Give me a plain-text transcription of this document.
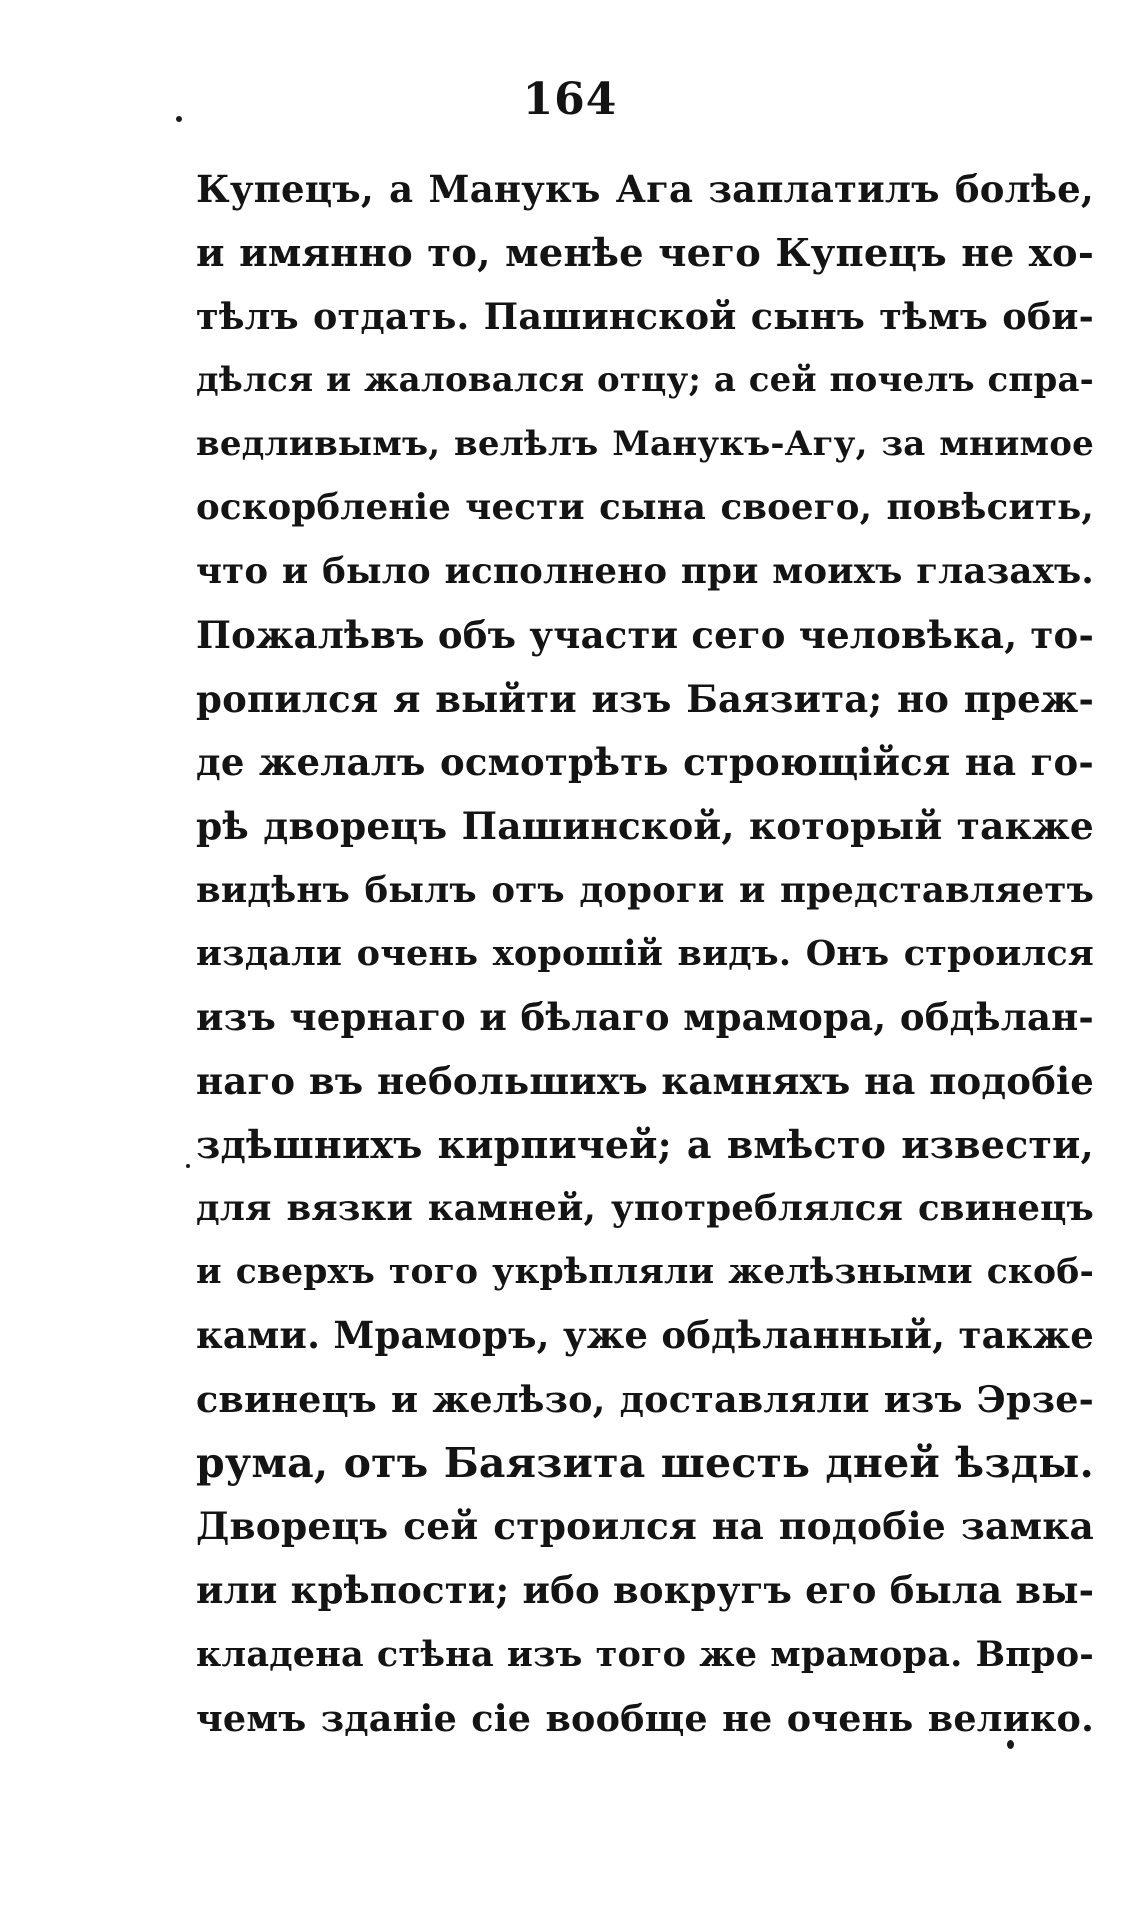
164
Купецъ, а Манукъ Ага заплатилъ болѣе,
и имянно то, менѣе чего Купецъ не хо-
тѣлъ отдать. Пашинской сынъ тѣмъ оби-
дѣлся и жаловался отцу; а сей почелъ спра-
ведливымъ, велѣлъ Манукъ-Агу, за мнимое
оскорбленіе чести сына своего, повѣсить,
что и было исполнено при моихъ глазахъ.
Пожалѣвъ объ участи сего человѣка, то-
ропился я выйти изъ Баязита; но преж-
де желалъ осмотрѣть строющійся на го-
рѣ дворецъ Пашинской, который также
видѣнъ былъ отъ дороги и представляетъ
издали очень хорошій видъ. Онъ строился
изъ чернаго и бѣлаго мрамора, обдѣлан-
наго въ небольшихъ камняхъ на подобіе
здѣшнихъ кирпичей; а вмѣсто извести,
для вязки камней, употреблялся свинецъ
и сверхъ того укрѣпляли желѣзными скоб-
ками. Мраморъ, уже обдѣланный, также
свинецъ и желѣзо, доставляли изъ Эрзе-
рума, отъ Баязита шесть дней ѣзды.
Дворецъ сей строился на подобіе замка
или крѣпости; ибо вокругъ его была вы-
кладена стѣна изъ того же мрамора. Впро-
чемъ зданіе сіе вообще не очень велико.
